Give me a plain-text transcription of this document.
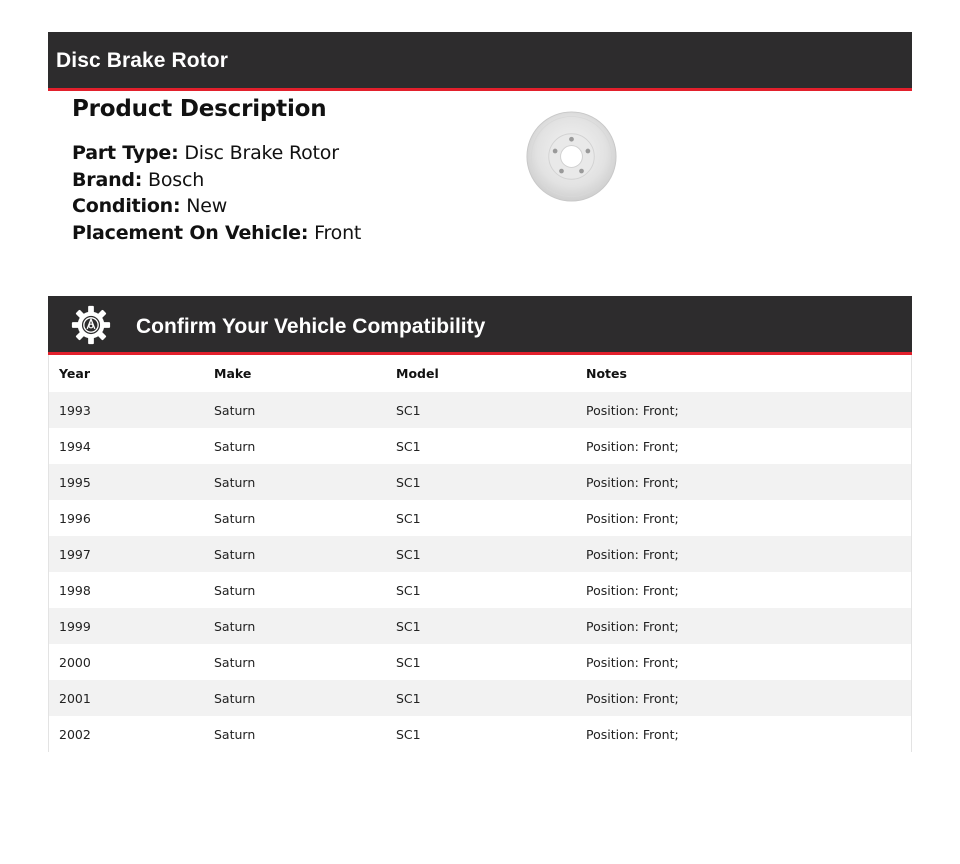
Disc Brake Rotor
Product Description
Part Type: Disc Brake Rotor
Brand: Bosch
Condition: New
Placement On Vehicle: Front
Confirm Your Vehicle Compatibility
Year	Make	Model	Notes
1993	Saturn	SC1	Position: Front;
1994	Saturn	SC1	Position: Front;
1995	Saturn	SC1	Position: Front;
1996	Saturn	SC1	Position: Front;
1997	Saturn	SC1	Position: Front;
1998	Saturn	SC1	Position: Front;
1999	Saturn	SC1	Position: Front;
2000	Saturn	SC1	Position: Front;
2001	Saturn	SC1	Position: Front;
2002	Saturn	SC1	Position: Front;
